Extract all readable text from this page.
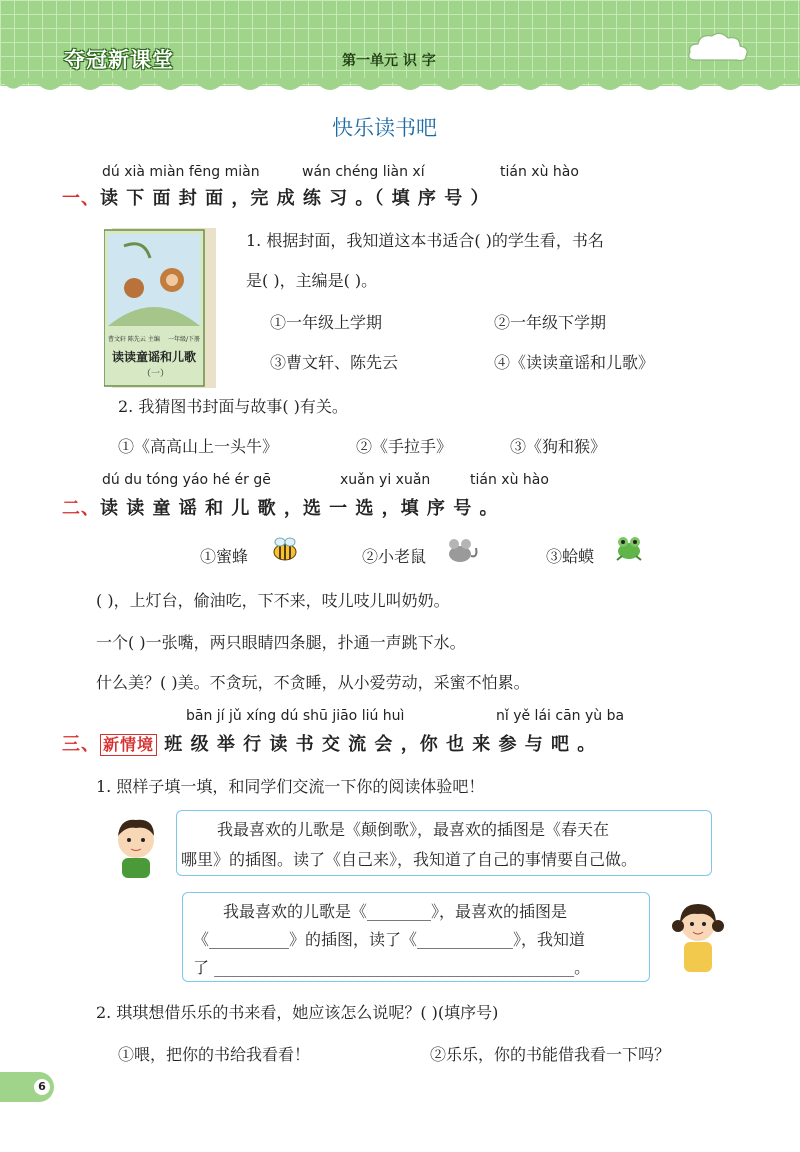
夺冠新课堂	第一单元 识 字
快乐读书吧
dú xià miàn fēng miàn	wán chéng liàn xí	tián xù hào
一、读 下 面 封 面 ，完 成 练 习 。（ 填 序 号 ）
曹文轩 陈先云 主编 一年级/下册
读读童谣和儿歌
（一）
1. 根据封面，我知道这本书适合( )的学生看，书名
是( )，主编是( )。
①一年级上学期	②一年级下学期
③曹文轩、陈先云	④《读读童谣和儿歌》
2. 我猜图书封面与故事( )有关。
①《高高山上一头牛》	②《手拉手》	③《狗和猴》
dú du tóng yáo hé ér gē	xuǎn yi xuǎn	tián xù hào
二、读 读 童 谣 和 儿 歌 ，选 一 选 ，填 序 号 。
①蜜蜂	②小老鼠	③蛤蟆
( )，上灯台，偷油吃，下不来，吱儿吱儿叫奶奶。
一个( )一张嘴，两只眼睛四条腿，扑通一声跳下水。
什么美？( )美。不贪玩，不贪睡，从小爱劳动，采蜜不怕累。
bān jí jǔ xíng dú shū jiāo liú huì	nǐ yě lái cān yù ba
三、 新情境 班 级 举 行 读 书 交 流 会 ，你 也 来 参 与 吧 。
1. 照样子填一填，和同学们交流一下你的阅读体验吧！
我最喜欢的儿歌是《颠倒歌》，最喜欢的插图是《春天在
哪里》的插图。读了《自己来》，我知道了自己的事情要自己做。
我最喜欢的儿歌是《________》，最喜欢的插图是
《__________》的插图，读了《____________》，我知道
了 _____________________________________________。
2. 琪琪想借乐乐的书来看，她应该怎么说呢？( )(填序号)
①喂，把你的书给我看看！	②乐乐，你的书能借我看一下吗？
6
